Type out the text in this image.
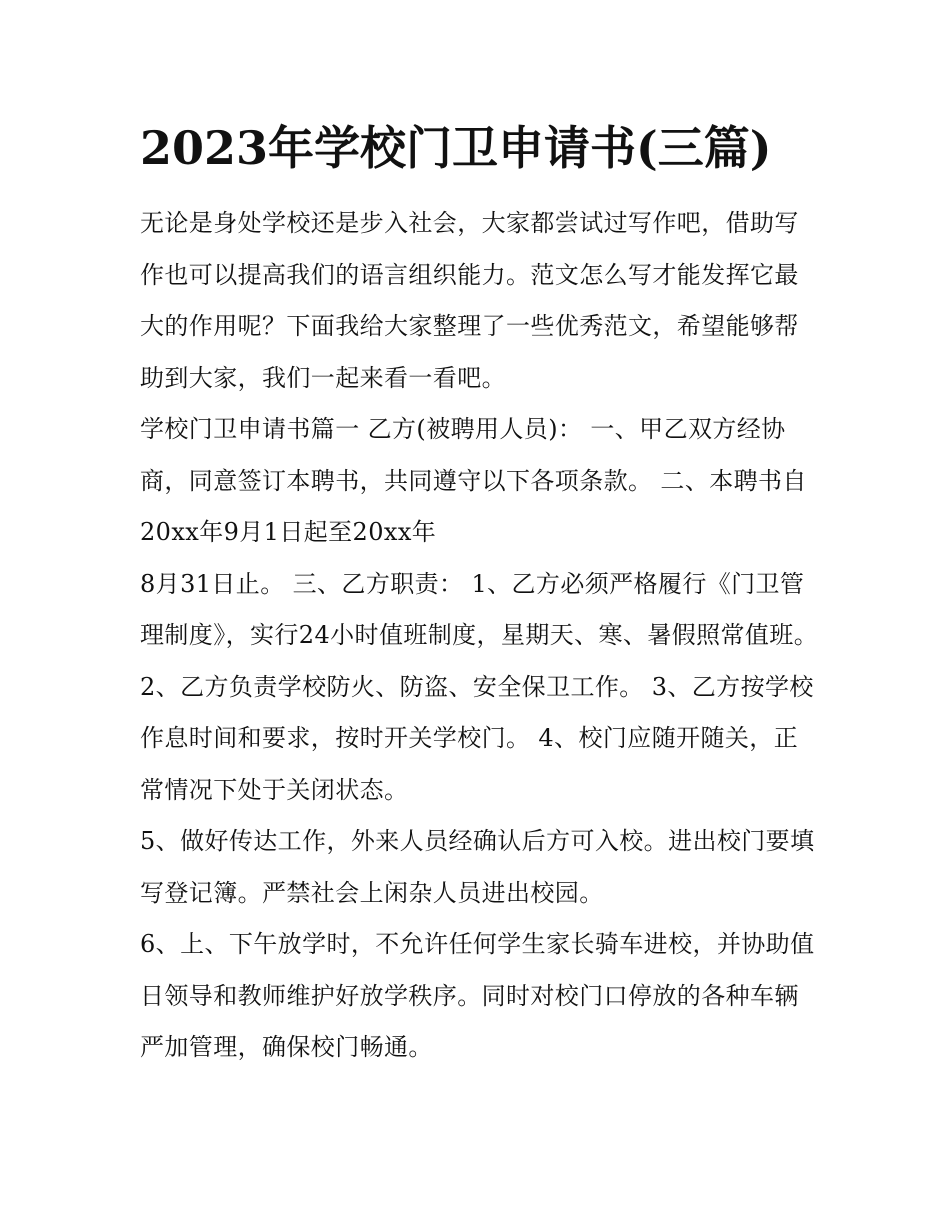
2023年学校门卫申请书(三篇)

无论是身处学校还是步入社会，大家都尝试过写作吧，借助写作也可以提高我们的语言组织能力。范文怎么写才能发挥它最大的作用呢？下面我给大家整理了一些优秀范文，希望能够帮助到大家，我们一起来看一看吧。

学校门卫申请书篇一 乙方(被聘用人员)： 一、甲乙双方经协商，同意签订本聘书，共同遵守以下各项条款。 二、本聘书自20xx年9月1日起至20xx年

8月31日止。 三、乙方职责： 1、乙方必须严格履行《门卫管理制度》，实行24小时值班制度，星期天、寒、暑假照常值班。

2、乙方负责学校防火、防盗、安全保卫工作。 3、乙方按学校作息时间和要求，按时开关学校门。 4、校门应随开随关，正常情况下处于关闭状态。

5、做好传达工作，外来人员经确认后方可入校。进出校门要填写登记簿。严禁社会上闲杂人员进出校园。

6、上、下午放学时，不允许任何学生家长骑车进校，并协助值日领导和教师维护好放学秩序。同时对校门口停放的各种车辆严加管理，确保校门畅通。
